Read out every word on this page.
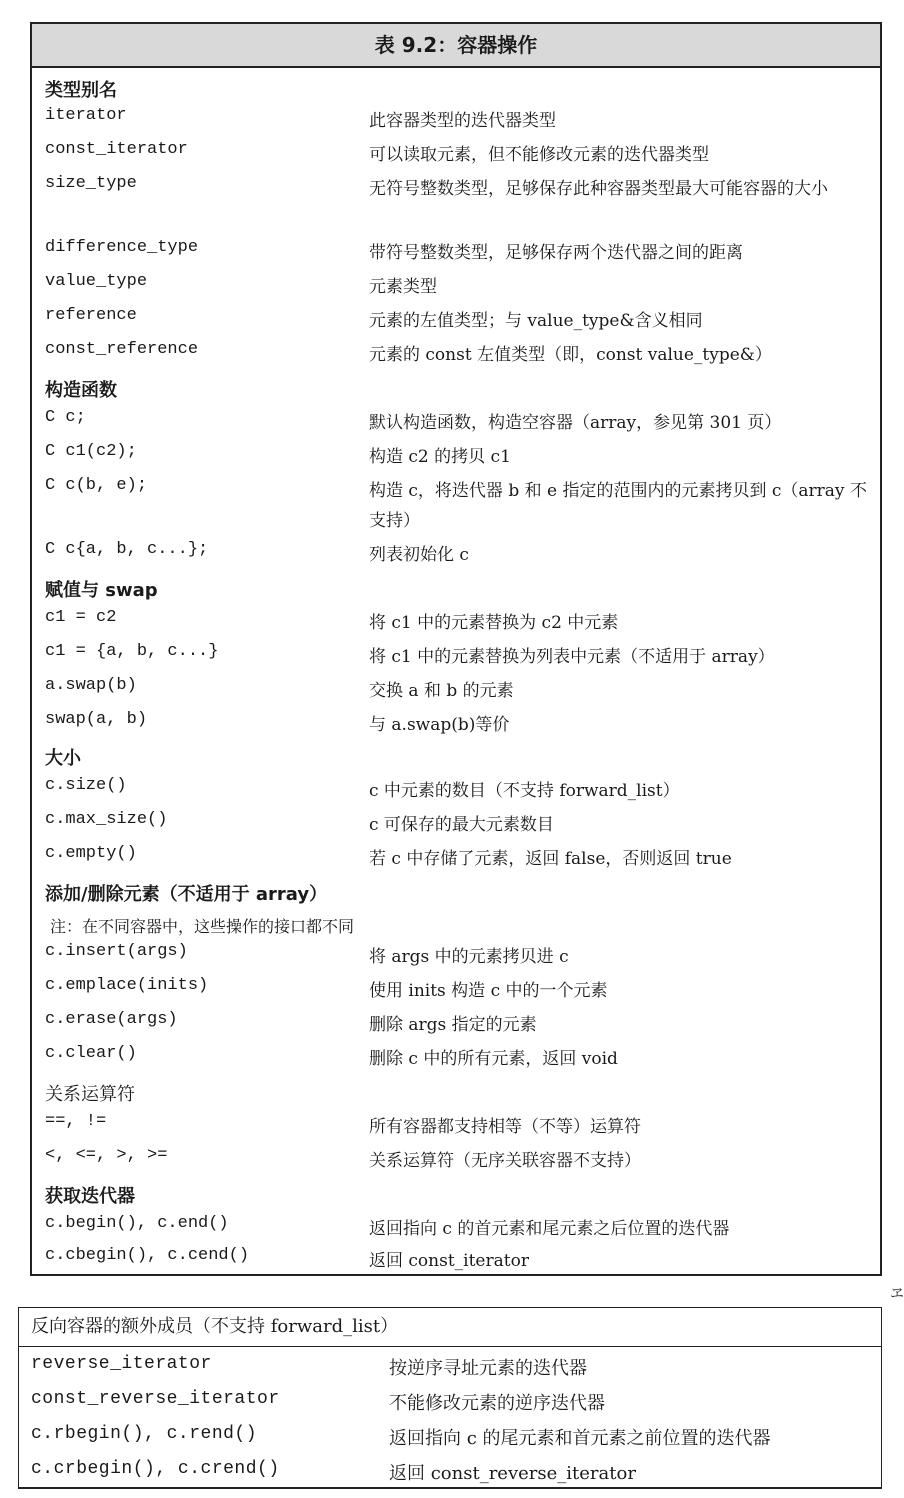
表 9.2：容器操作
类型别名
iterator	此容器类型的迭代器类型
const_iterator	可以读取元素，但不能修改元素的迭代器类型
size_type	无符号整数类型，足够保存此种容器类型最大可能容器的大小
difference_type	带符号整数类型，足够保存两个迭代器之间的距离
value_type	元素类型
reference	元素的左值类型；与 value_type&含义相同
const_reference	元素的 const 左值类型（即，const value_type&）
构造函数
C c;	默认构造函数，构造空容器（array，参见第 301 页）
C c1(c2);	构造 c2 的拷贝 c1
C c(b, e);	构造 c，将迭代器 b 和 e 指定的范围内的元素拷贝到 c（array 不支持）
C c{a, b, c...};	列表初始化 c
赋值与 swap
c1 = c2	将 c1 中的元素替换为 c2 中元素
c1 = {a, b, c...}	将 c1 中的元素替换为列表中元素（不适用于 array）
a.swap(b)	交换 a 和 b 的元素
swap(a, b)	与 a.swap(b)等价
大小
c.size()	c 中元素的数目（不支持 forward_list）
c.max_size()	c 可保存的最大元素数目
c.empty()	若 c 中存储了元素，返回 false，否则返回 true
添加/删除元素（不适用于 array）
注：在不同容器中，这些操作的接口都不同
c.insert(args)	将 args 中的元素拷贝进 c
c.emplace(inits)	使用 inits 构造 c 中的一个元素
c.erase(args)	删除 args 指定的元素
c.clear()	删除 c 中的所有元素，返回 void
关系运算符
==, !=	所有容器都支持相等（不等）运算符
<, <=, >, >=	关系运算符（无序关联容器不支持）
获取迭代器
c.begin(), c.end()	返回指向 c 的首元素和尾元素之后位置的迭代器
c.cbegin(), c.cend()	返回 const_iterator
ヱ
反向容器的额外成员（不支持 forward_list）
reverse_iterator	按逆序寻址元素的迭代器
const_reverse_iterator	不能修改元素的逆序迭代器
c.rbegin(), c.rend()	返回指向 c 的尾元素和首元素之前位置的迭代器
c.crbegin(), c.crend()	返回 const_reverse_iterator
